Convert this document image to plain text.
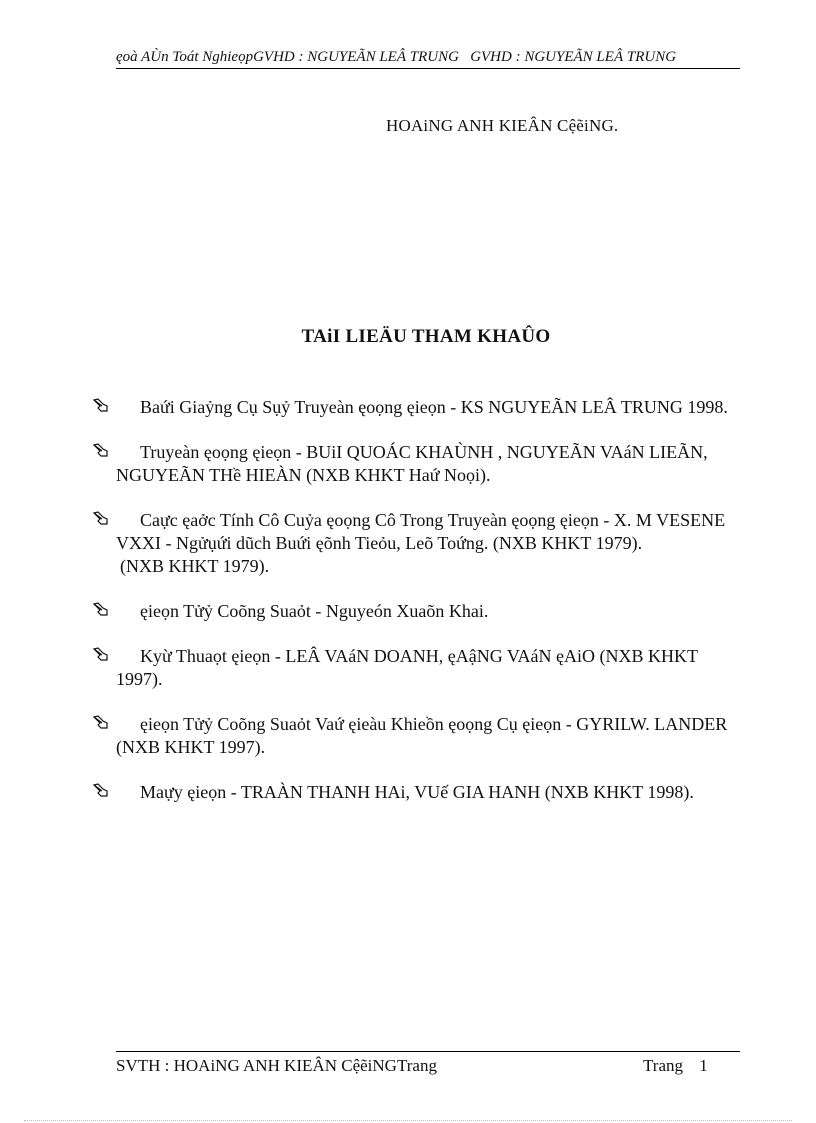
ęoà AÙn Toát NghieọpGVHD : NGUYEÃN LEÂ TRUNG GVHD : NGUYEÃN LEÂ TRUNG
HOAiNG ANH KIEÂN CệẽiNG.
TAiI LIEÄU THAM KHAÛO
Baứi Giaỷng Cụ Sụỷ Truyeàn ęoọng ęieọn - KS NGUYEÃN LEÂ TRUNG 1998.
Truyeàn ęoọng ęieọn - BUiI QUOÁC KHAÙNH , NGUYEÃN VAáN LIEÃN, NGUYEÃN THề HIEÀN (NXB KHKT Haứ Noọi).
Caực ęaởc Tính Cô Cuỷa ęoọng Cô Trong Truyeàn ęoọng ęieọn - X. M VESENE VXXI - Ngửụứi dũch Buứi ęõnh Tieỏu, Leõ Toứng. (NXB KHKT 1979).
(NXB KHKT 1979).
ęieọn Tửỷ Coõng Suaỏt - Nguyeón Xuaõn Khai.
Kyừ Thuaọt ęieọn - LEÂ VAáN DOANH, ęAậNG VAáN ęAiO (NXB KHKT 1997).
ęieọn Tửỷ Coõng Suaỏt Vaứ ęieàu Khieồn ęoọng Cụ ęieọn - GYRILW. LANDER (NXB KHKT 1997).
Maựy ęieọn - TRAÀN THANH HAi, VUế GIA HANH (NXB KHKT 1998).
SVTH : HOAiNG ANH KIEÂN CệẽiNGTrang	Trang 1
